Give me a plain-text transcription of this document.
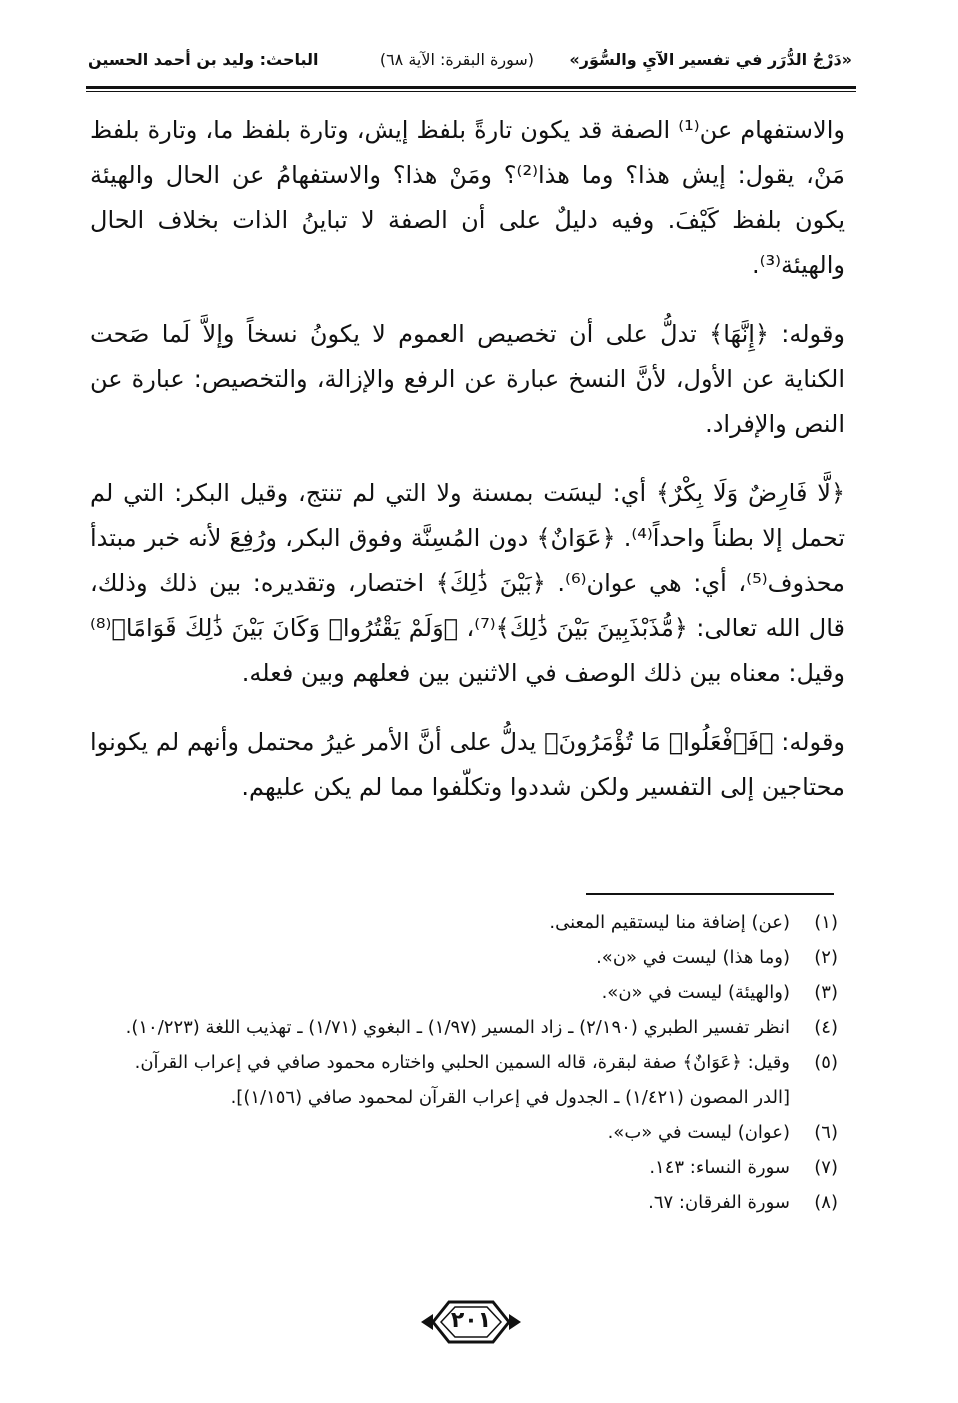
«دَرْجُ الدُّرَر في تفسير الآيِ والسُّوَر»
(سورة البقرة: الآية ٦٨)
الباحث: وليد بن أحمد الحسين

والاستفهام عن⁽¹⁾ الصفة قد يكون تارةً بلفظ إيش، وتارة بلفظ ما، وتارة بلفظ مَنْ، يقول: إيش هذا؟ وما هذا⁽²⁾؟ ومَنْ هذا؟ والاستفهامُ عن الحال والهيئة يكون بلفظ كَيْفَ. وفيه دليلٌ على أن الصفة لا تباينُ الذات بخلاف الحال والهيئة⁽³⁾.

وقوله: ﴿إِنَّهَا﴾ تدلُّ على أن تخصيص العموم لا يكونُ نسخاً وإلاَّ لَما صَحت الكناية عن الأول، لأنَّ النسخ عبارة عن الرفع والإزالة، والتخصيص: عبارة عن النص والإفراد.

﴿لَّا فَارِضٌ وَلَا بِكْرٌ﴾ أي: ليسَت بمسنة ولا التي لم تنتج، وقيل البكر: التي لم تحمل إلا بطناً واحداً⁽⁴⁾. ﴿عَوَانٌ﴾ دون المُسِنَّة وفوق البكر، ورُفِعَ لأنه خبر مبتدأ محذوف⁽⁵⁾، أي: هي عوان⁽⁶⁾. ﴿بَيْنَ ذَٰلِكَ﴾ اختصار، وتقديره: بين ذلك وذلك، قال الله تعالى: ﴿مُّذَبْذَبِينَ بَيْنَ ذَٰلِكَ﴾⁽⁷⁾، ﴿وَلَمْ يَقْتُرُوا۟ وَكَانَ بَيْنَ ذَٰلِكَ قَوَامًا﴾⁽⁸⁾ وقيل: معناه بين ذلك الوصف في الاثنين بين فعلهم وبين فعله.

وقوله: ﴿فَٱفْعَلُوا۟ مَا تُؤْمَرُونَ﴾ يدلُّ على أنَّ الأمر غيرُ محتمل وأنهم لم يكونوا محتاجين إلى التفسير ولكن شددوا وتكلّفوا مما لم يكن عليهم.

(١)
(عن) إضافة منا ليستقيم المعنى.
(٢)
(وما هذا) ليست في «ن».
(٣)
(والهيئة) ليست في «ن».
(٤)
انظر تفسير الطبري (٢/١٩٠) ـ زاد المسير (١/٩٧) ـ البغوي (١/٧١) ـ تهذيب اللغة (١٠/٢٢٣).
(٥)
وقيل: ﴿عَوَانٌ﴾ صفة لبقرة، قاله السمين الحلبي واختاره محمود صافي في إعراب القرآن.
[الدر المصون (١/٤٢١) ـ الجدول في إعراب القرآن لمحمود صافي (١/١٥٦)].
(٦)
(عوان) ليست في «ب».
(٧)
سورة النساء: ١٤٣.
(٨)
سورة الفرقان: ٦٧.
٢٠١
